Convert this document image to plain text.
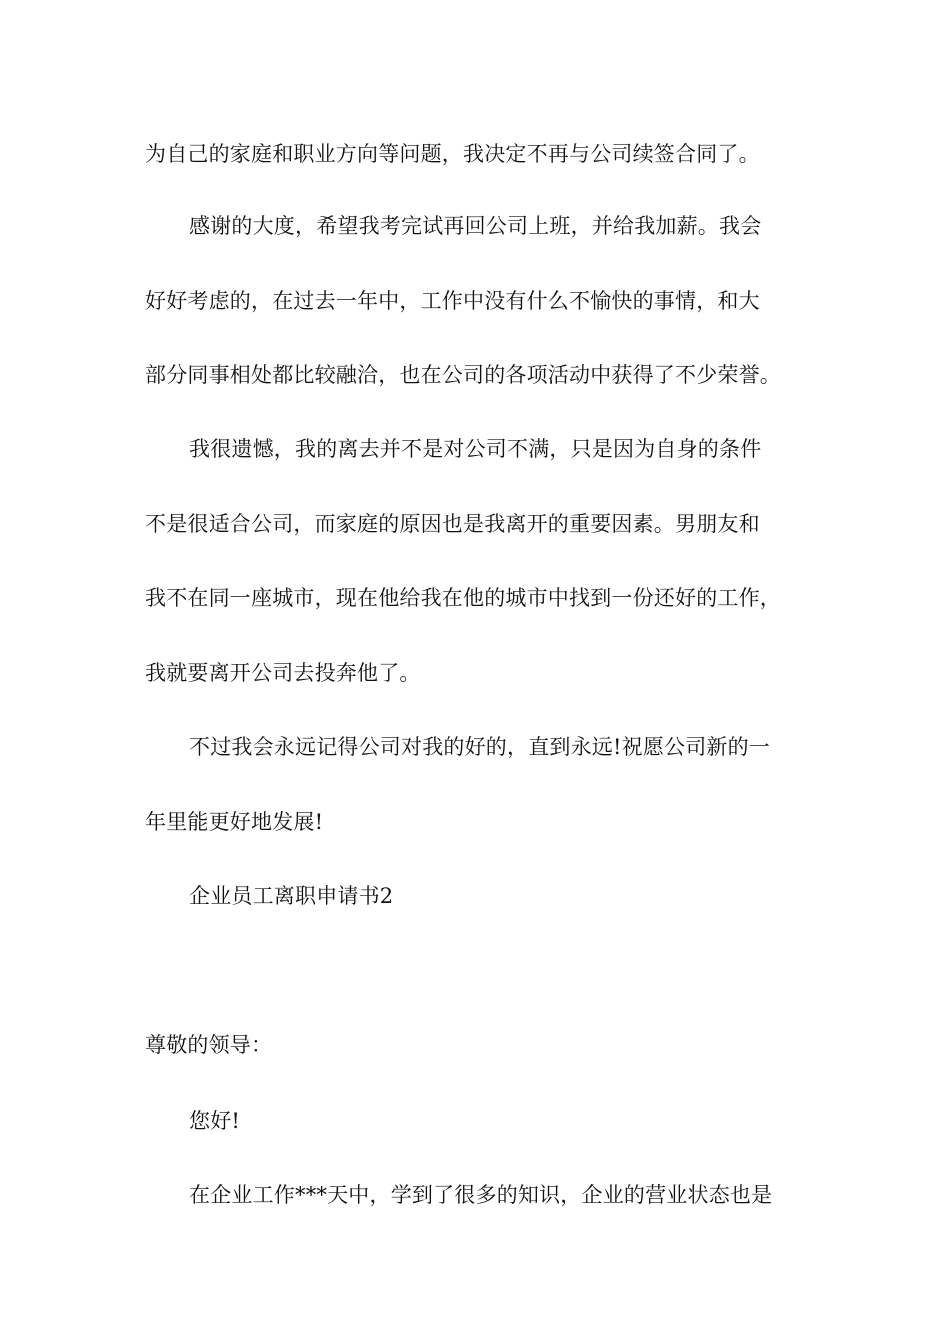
为自己的家庭和职业方向等问题，我决定不再与公司续签合同了。
感谢的大度，希望我考完试再回公司上班，并给我加薪。我会
好好考虑的，在过去一年中，工作中没有什么不愉快的事情，和大
部分同事相处都比较融洽，也在公司的各项活动中获得了不少荣誉。
我很遗憾，我的离去并不是对公司不满，只是因为自身的条件
不是很适合公司，而家庭的原因也是我离开的重要因素。男朋友和
我不在同一座城市，现在他给我在他的城市中找到一份还好的工作，
我就要离开公司去投奔他了。
不过我会永远记得公司对我的好的，直到永远!祝愿公司新的一
年里能更好地发展!
企业员工离职申请书2
尊敬的领导：
您好!
在企业工作***天中，学到了很多的知识，企业的营业状态也是
